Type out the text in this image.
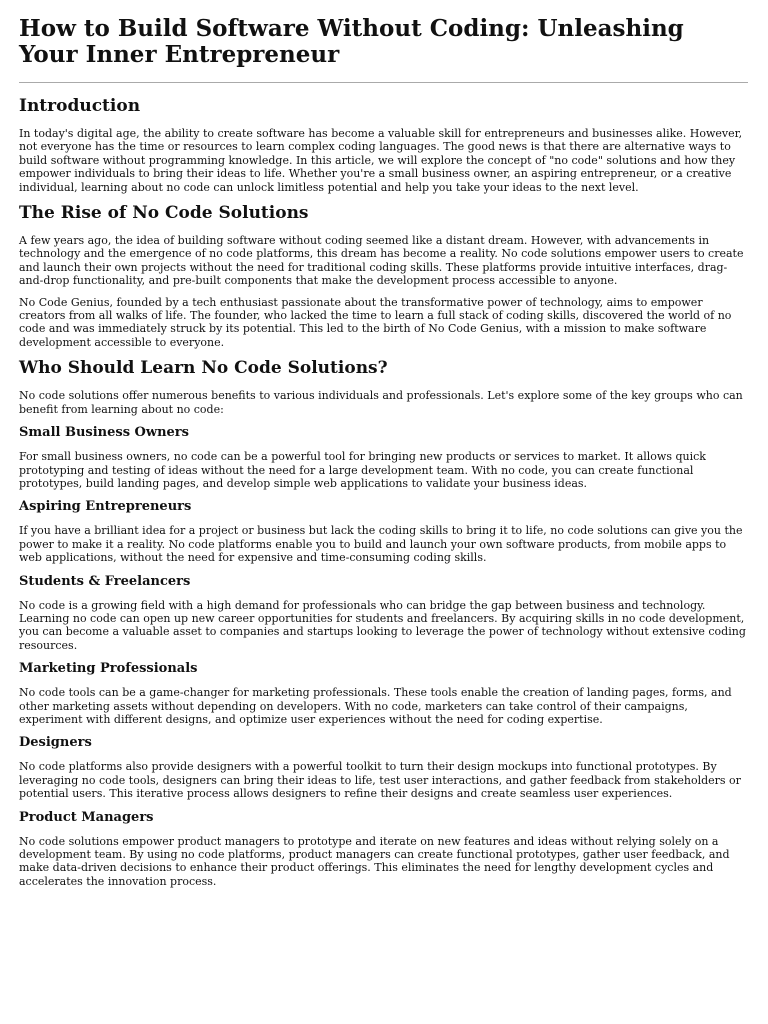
How to Build Software Without Coding: Unleashing Your Inner Entrepreneur
Introduction

In today's digital age, the ability to create software has become a valuable skill for entrepreneurs and businesses alike. However, not everyone has the time or resources to learn complex coding languages. The good news is that there are alternative ways to build software without programming knowledge. In this article, we will explore the concept of "no code" solutions and how they empower individuals to bring their ideas to life. Whether you're a small business owner, an aspiring entrepreneur, or a creative individual, learning about no code can unlock limitless potential and help you take your ideas to the next level.

The Rise of No Code Solutions

A few years ago, the idea of building software without coding seemed like a distant dream. However, with advancements in technology and the emergence of no code platforms, this dream has become a reality. No code solutions empower users to create and launch their own projects without the need for traditional coding skills. These platforms provide intuitive interfaces, drag-and-drop functionality, and pre-built components that make the development process accessible to anyone.

No Code Genius, founded by a tech enthusiast passionate about the transformative power of technology, aims to empower creators from all walks of life. The founder, who lacked the time to learn a full stack of coding skills, discovered the world of no code and was immediately struck by its potential. This led to the birth of No Code Genius, with a mission to make software development accessible to everyone.

Who Should Learn No Code Solutions?

No code solutions offer numerous benefits to various individuals and professionals. Let's explore some of the key groups who can benefit from learning about no code:

Small Business Owners

For small business owners, no code can be a powerful tool for bringing new products or services to market. It allows quick prototyping and testing of ideas without the need for a large development team. With no code, you can create functional prototypes, build landing pages, and develop simple web applications to validate your business ideas.

Aspiring Entrepreneurs

If you have a brilliant idea for a project or business but lack the coding skills to bring it to life, no code solutions can give you the power to make it a reality. No code platforms enable you to build and launch your own software products, from mobile apps to web applications, without the need for expensive and time-consuming coding skills.

Students & Freelancers

No code is a growing field with a high demand for professionals who can bridge the gap between business and technology. Learning no code can open up new career opportunities for students and freelancers. By acquiring skills in no code development, you can become a valuable asset to companies and startups looking to leverage the power of technology without extensive coding resources.

Marketing Professionals

No code tools can be a game-changer for marketing professionals. These tools enable the creation of landing pages, forms, and other marketing assets without depending on developers. With no code, marketers can take control of their campaigns, experiment with different designs, and optimize user experiences without the need for coding expertise.

Designers

No code platforms also provide designers with a powerful toolkit to turn their design mockups into functional prototypes. By leveraging no code tools, designers can bring their ideas to life, test user interactions, and gather feedback from stakeholders or potential users. This iterative process allows designers to refine their designs and create seamless user experiences.

Product Managers

No code solutions empower product managers to prototype and iterate on new features and ideas without relying solely on a development team. By using no code platforms, product managers can create functional prototypes, gather user feedback, and make data-driven decisions to enhance their product offerings. This eliminates the need for lengthy development cycles and accelerates the innovation process.
